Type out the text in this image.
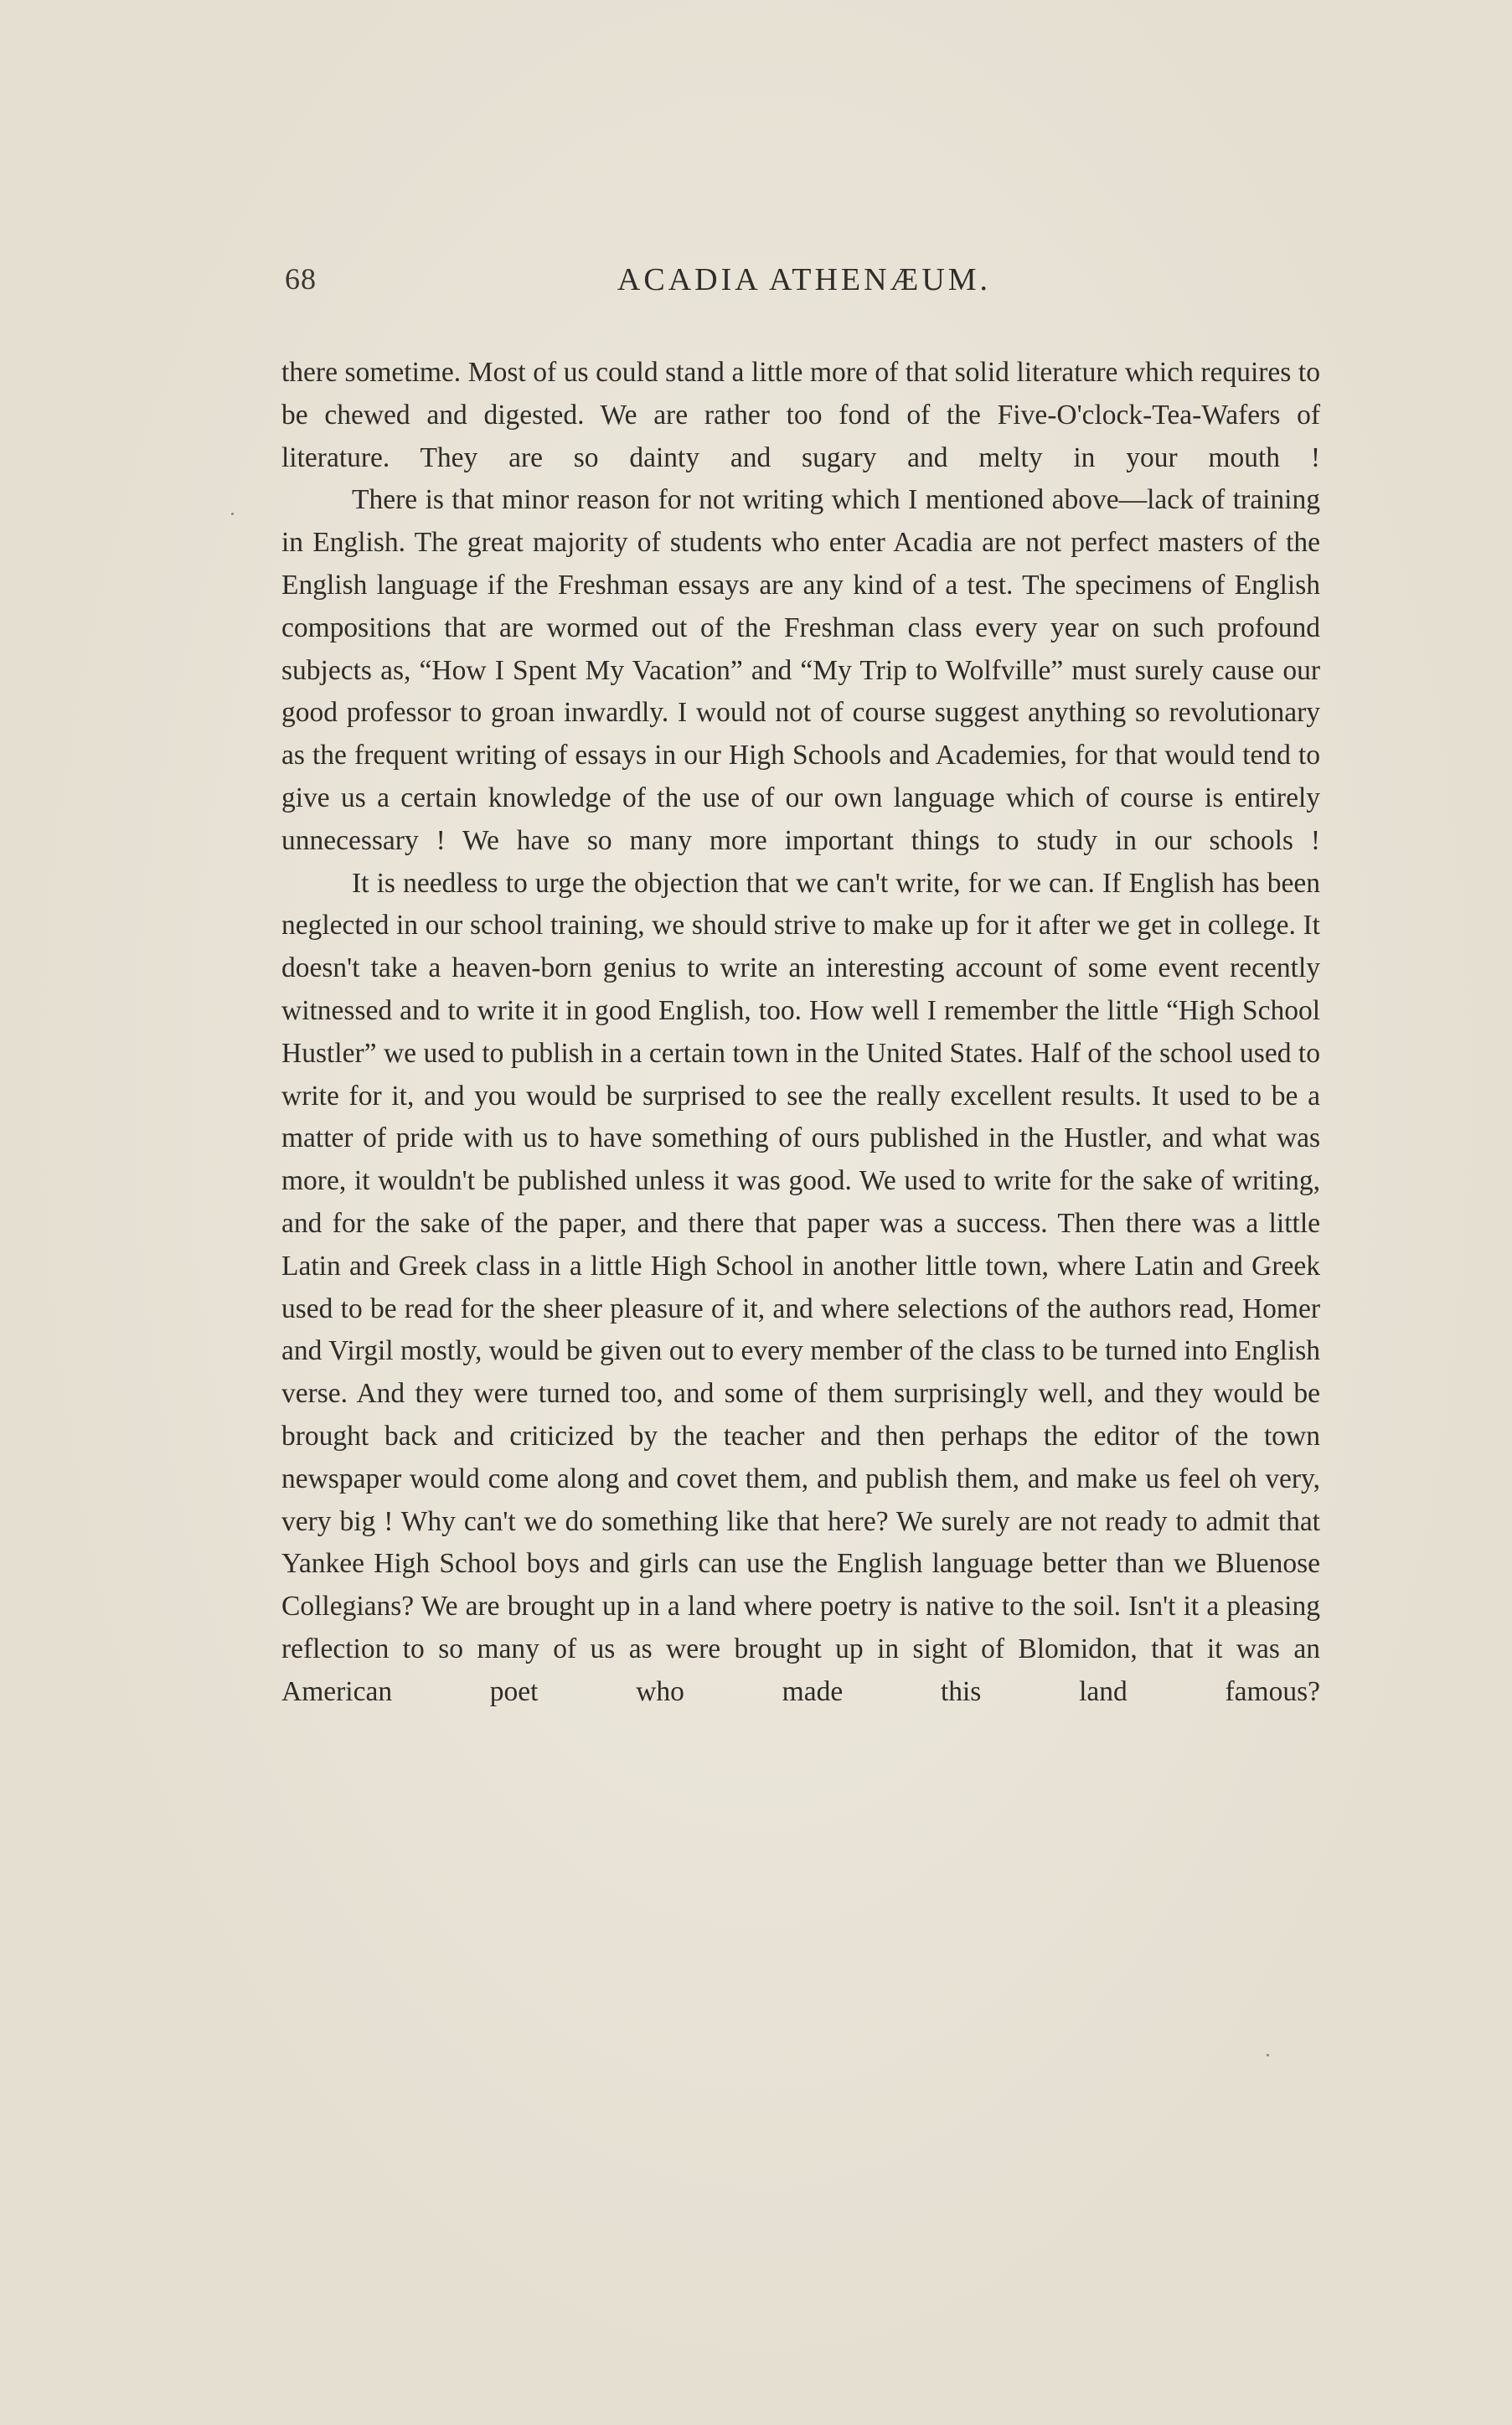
68	ACADIA ATHENÆUM.

there sometime. Most of us could stand a little more of that solid literature which requires to be chewed and digested. We are rather too fond of the Five-O'clock-Tea-Wafers of literature. They are so dainty and sugary and melty in your mouth !

There is that minor reason for not writing which I mentioned above—lack of training in English. The great majority of students who enter Acadia are not perfect masters of the English language if the Freshman essays are any kind of a test. The specimens of English compositions that are wormed out of the Freshman class every year on such profound subjects as, “How I Spent My Vacation” and “My Trip to Wolfville” must surely cause our good professor to groan inwardly. I would not of course suggest anything so revolutionary as the frequent writing of essays in our High Schools and Academies, for that would tend to give us a certain knowledge of the use of our own language which of course is entirely unnecessary ! We have so many more important things to study in our schools !

It is needless to urge the objection that we can't write, for we can. If English has been neglected in our school training, we should strive to make up for it after we get in college. It doesn't take a heaven-born genius to write an interesting account of some event recently witnessed and to write it in good English, too. How well I remember the little “High School Hustler” we used to publish in a certain town in the United States. Half of the school used to write for it, and you would be surprised to see the really excellent results. It used to be a matter of pride with us to have something of ours published in the Hustler, and what was more, it wouldn't be published unless it was good. We used to write for the sake of writing, and for the sake of the paper, and there that paper was a success. Then there was a little Latin and Greek class in a little High School in another little town, where Latin and Greek used to be read for the sheer pleasure of it, and where selections of the authors read, Homer and Virgil mostly, would be given out to every member of the class to be turned into English verse. And they were turned too, and some of them surprisingly well, and they would be brought back and criticized by the teacher and then perhaps the editor of the town newspaper would come along and covet them, and publish them, and make us feel oh very, very big ! Why can't we do something like that here? We surely are not ready to admit that Yankee High School boys and girls can use the English language better than we Bluenose Collegians? We are brought up in a land where poetry is native to the soil. Isn't it a pleasing reflection to so many of us as were brought up in sight of Blomidon, that it was an American poet who made this land famous?
